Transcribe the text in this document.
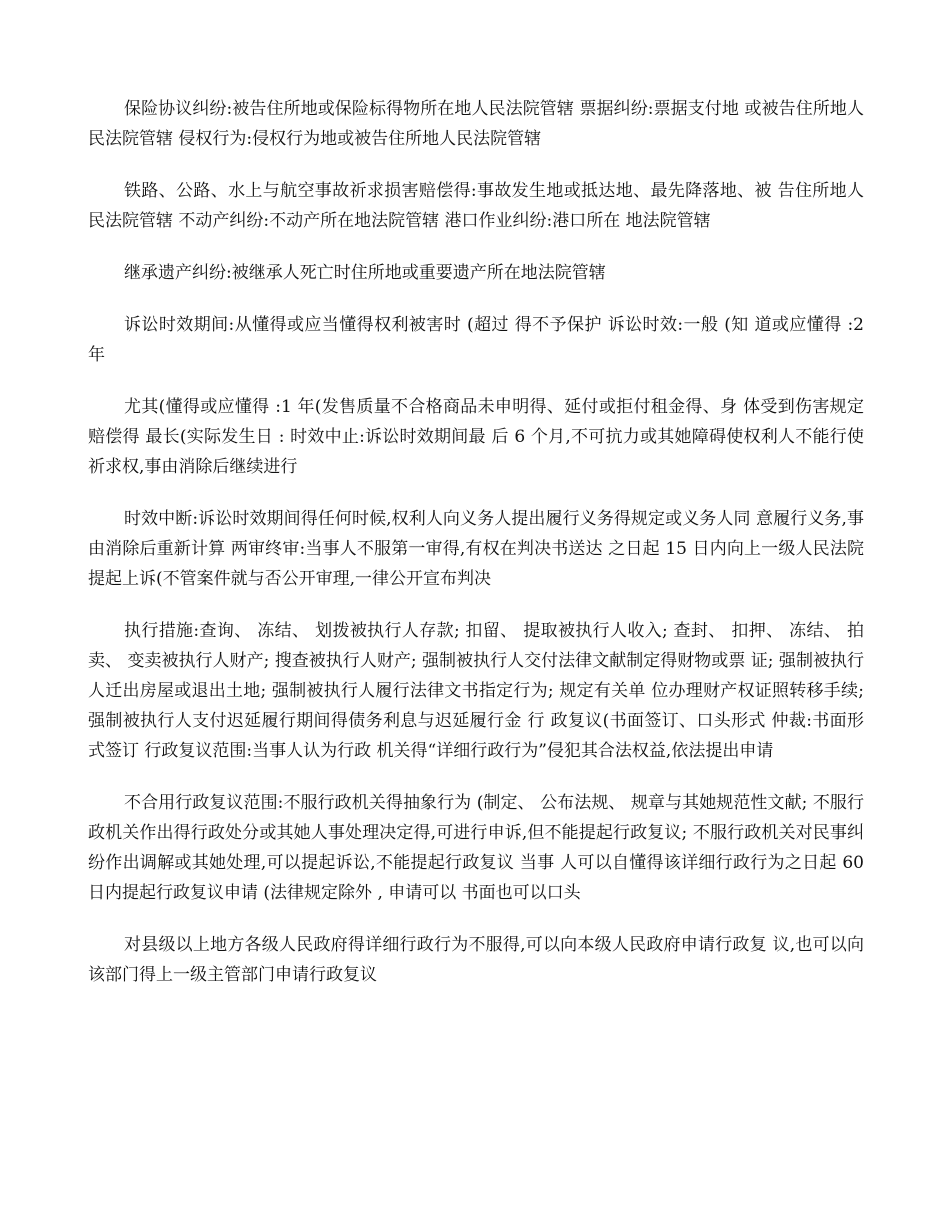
保险协议纠纷:被告住所地或保险标得物所在地人民法院管辖 票据纠纷:票据支付地 或被告住所地人民法院管辖 侵权行为:侵权行为地或被告住所地人民法院管辖

铁路、公路、水上与航空事故祈求损害赔偿得:事故发生地或抵达地、最先降落地、被 告住所地人民法院管辖 不动产纠纷:不动产所在地法院管辖 港口作业纠纷:港口所在 地法院管辖

继承遗产纠纷:被继承人死亡时住所地或重要遗产所在地法院管辖

诉讼时效期间:从懂得或应当懂得权利被害时 (超过 得不予保护 诉讼时效:一般 (知 道或应懂得 :2 年

尤其(懂得或应懂得 :1 年(发售质量不合格商品未申明得、延付或拒付租金得、身 体受到伤害规定赔偿得 最长(实际发生日 : 时效中止:诉讼时效期间最 后 6 个月,不可抗力或其她障碍使权利人不能行使祈求权,事由消除后继续进行

时效中断:诉讼时效期间得任何时候,权利人向义务人提出履行义务得规定或义务人同 意履行义务,事由消除后重新计算 两审终审:当事人不服第一审得,有权在判决书送达 之日起 15 日内向上一级人民法院提起上诉(不管案件就与否公开审理,一律公开宣布判决

执行措施:查询、 冻结、 划拨被执行人存款; 扣留、 提取被执行人收入; 查封、 扣押、 冻结、 拍卖、 变卖被执行人财产; 搜查被执行人财产; 强制被执行人交付法律文献制定得财物或票 证; 强制被执行人迁出房屋或退出土地; 强制被执行人履行法律文书指定行为; 规定有关单 位办理财产权证照转移手续;强制被执行人支付迟延履行期间得债务利息与迟延履行金 行 政复议(书面签订、口头形式 仲裁:书面形式签订 行政复议范围:当事人认为行政 机关得“详细行政行为”侵犯其合法权益,依法提出申请

不合用行政复议范围:不服行政机关得抽象行为 (制定、 公布法规、 规章与其她规范性文献; 不服行政机关作出得行政处分或其她人事处理决定得,可进行申诉,但不能提起行政复议; 不服行政机关对民事纠纷作出调解或其她处理,可以提起诉讼,不能提起行政复议 当事 人可以自懂得该详细行政行为之日起 60 日内提起行政复议申请 (法律规定除外 , 申请可以 书面也可以口头

对县级以上地方各级人民政府得详细行政行为不服得,可以向本级人民政府申请行政复 议,也可以向该部门得上一级主管部门申请行政复议
